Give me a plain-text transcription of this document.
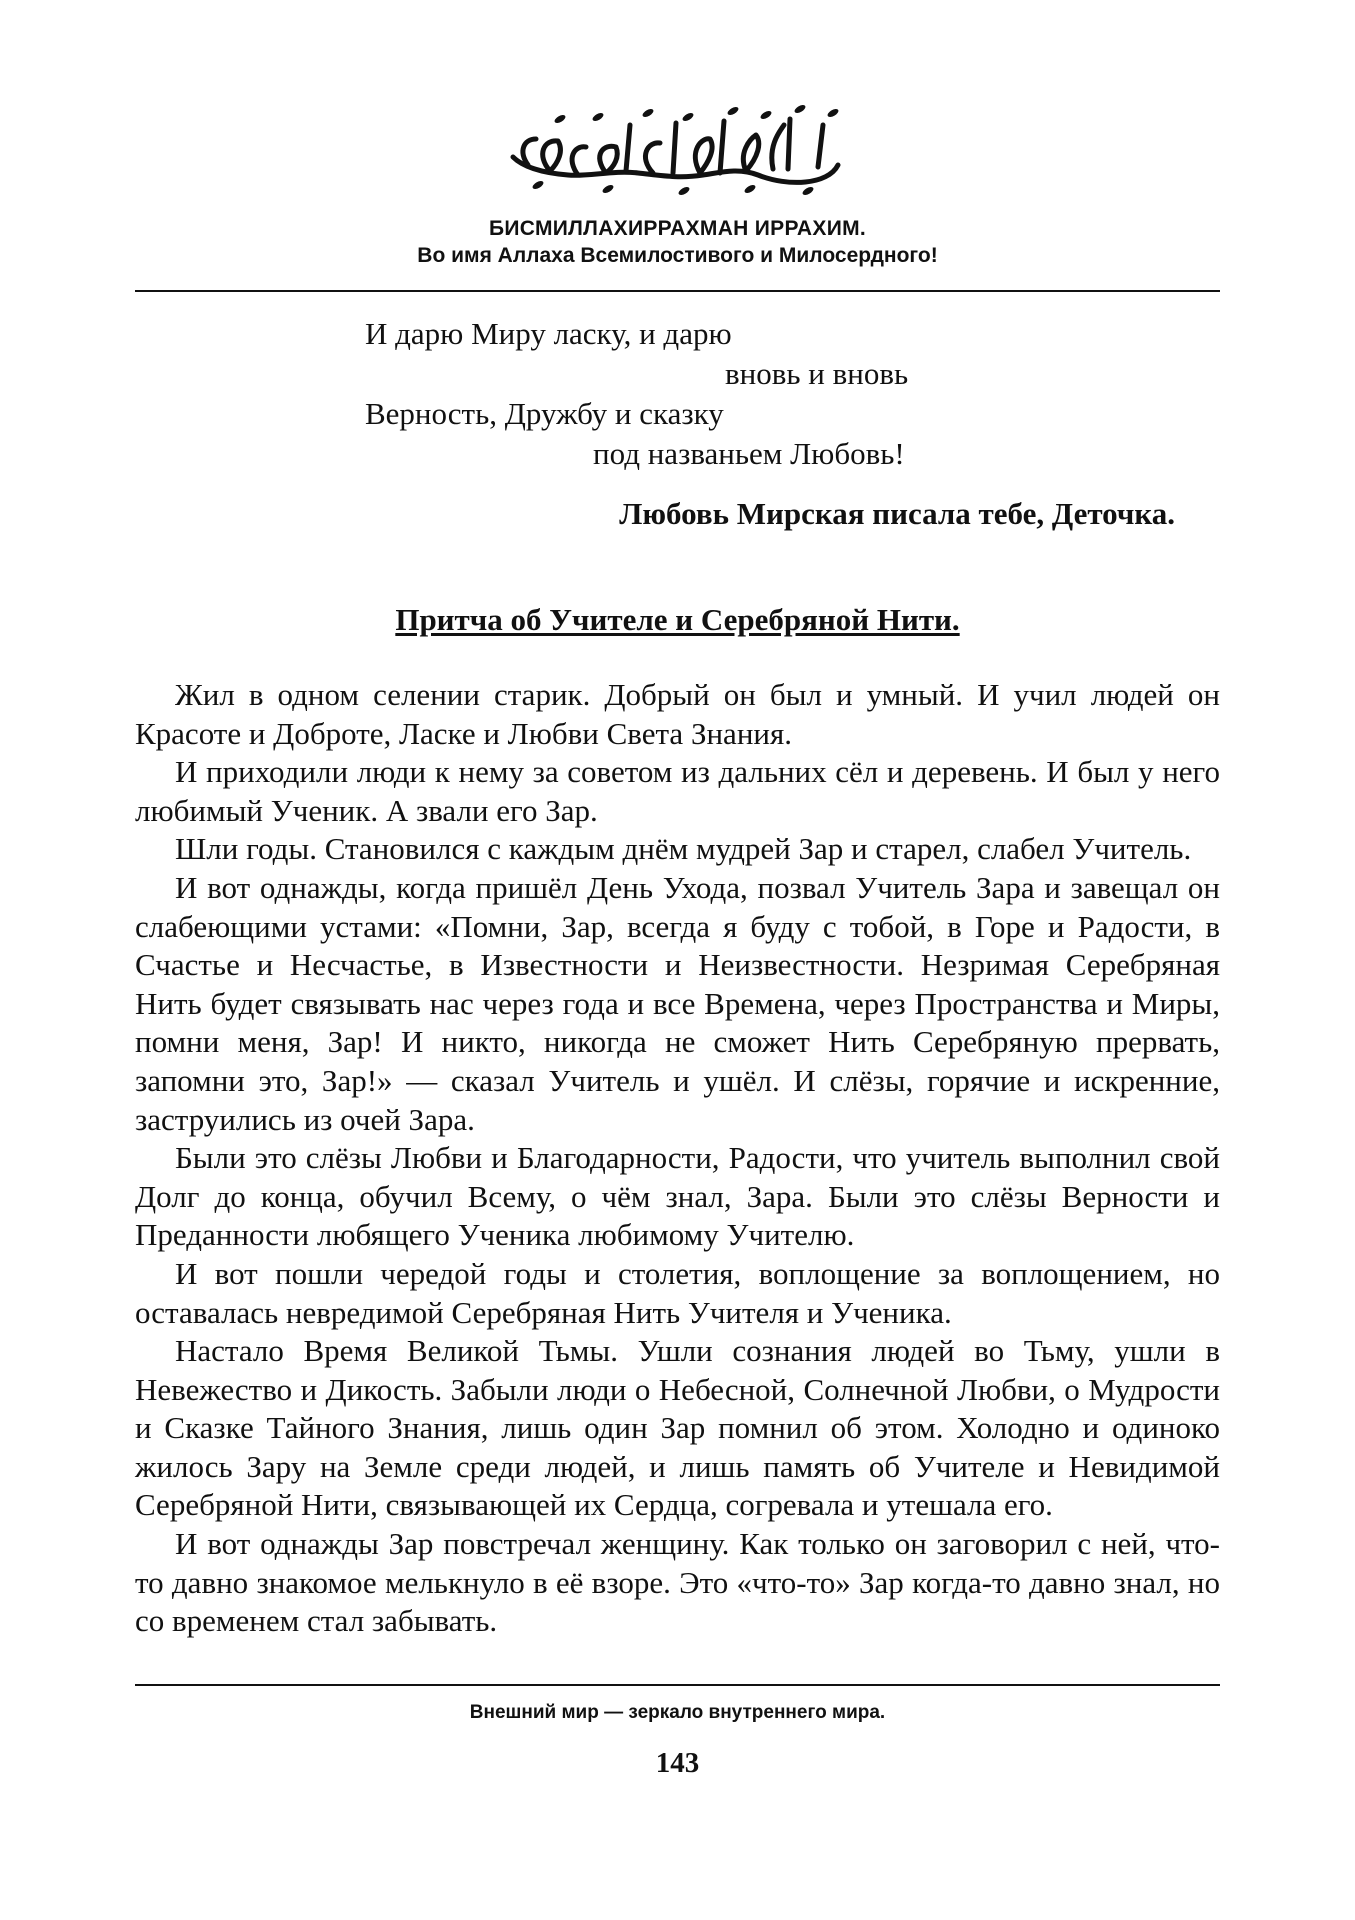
БИСМИЛЛАХИРРАХМАН ИРРАХИМ.
Во имя Аллаха Всемилостивого и Милосердного!
И дарю Миру ласку, и дарю
вновь и вновь
Верность, Дружбу и сказку
под названьем Любовь!
Любовь Мирская писала тебе, Деточка.
Притча об Учителе и Серебряной Нити.

Жил в одном селении старик. Добрый он был и умный. И учил людей он Красоте и Доброте, Ласке и Любви Света Знания.

И приходили люди к нему за советом из дальних сёл и деревень. И был у него любимый Ученик. А звали его Зар.

Шли годы. Становился с каждым днём мудрей Зар и старел, слабел Учитель.

И вот однажды, когда пришёл День Ухода, позвал Учитель Зара и завещал он слабеющими устами: «Помни, Зар, всегда я буду с тобой, в Горе и Радости, в Счастье и Несчастье, в Известности и Неизвестности. Незримая Серебряная Нить будет связывать нас через года и все Времена, через Пространства и Миры, помни меня, Зар! И никто, никогда не сможет Нить Серебряную прервать, запомни это, Зар!» — сказал Учитель и ушёл. И слёзы, горячие и искренние, заструились из очей Зара.

Были это слёзы Любви и Благодарности, Радости, что учитель выполнил свой Долг до конца, обучил Всему, о чём знал, Зара. Были это слёзы Верности и Преданности любящего Ученика любимому Учителю.

И вот пошли чередой годы и столетия, воплощение за воплощением, но оставалась невредимой Серебряная Нить Учителя и Ученика.

Настало Время Великой Тьмы. Ушли сознания людей во Тьму, ушли в Невежество и Дикость. Забыли люди о Небесной, Солнечной Любви, о Мудрости и Сказке Тайного Знания, лишь один Зар помнил об этом. Холодно и одиноко жилось Зару на Земле среди людей, и лишь память об Учителе и Невидимой Серебряной Нити, связывающей их Сердца, согревала и утешала его.

И вот однажды Зар повстречал женщину. Как только он заговорил с ней, что-то давно знакомое мелькнуло в её взоре. Это «что-то» Зар когда-то давно знал, но со временем стал забывать.

Внешний мир — зеркало внутреннего мира.
143
